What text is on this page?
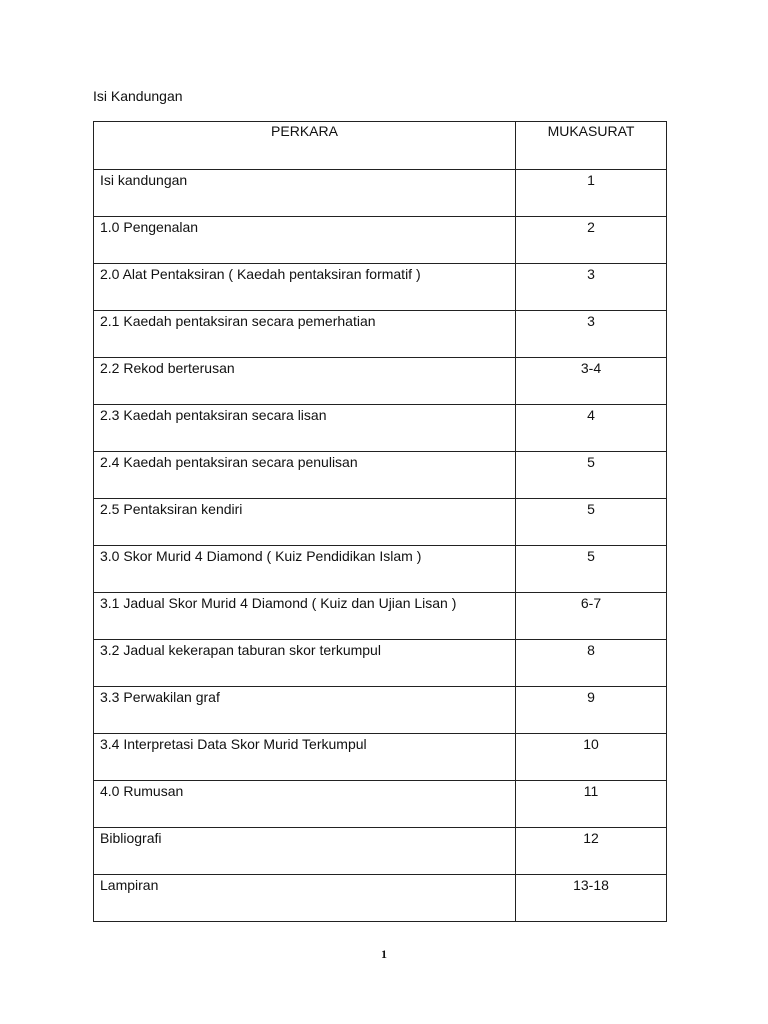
Isi Kandungan
PERKARA	MUKASURAT
Isi kandungan	1
1.0 Pengenalan	2
2.0 Alat Pentaksiran ( Kaedah pentaksiran formatif )	3
2.1 Kaedah pentaksiran secara pemerhatian	3
2.2 Rekod berterusan	3-4
2.3 Kaedah pentaksiran secara lisan	4
2.4 Kaedah pentaksiran secara penulisan	5
2.5 Pentaksiran kendiri	5
3.0 Skor Murid 4 Diamond ( Kuiz Pendidikan Islam )	5
3.1 Jadual Skor Murid 4 Diamond ( Kuiz dan Ujian Lisan )	6-7
3.2 Jadual kekerapan taburan skor terkumpul	8
3.3 Perwakilan graf	9
3.4 Interpretasi Data Skor Murid Terkumpul	10
4.0 Rumusan	11
Bibliografi	12
Lampiran	13-18
1
